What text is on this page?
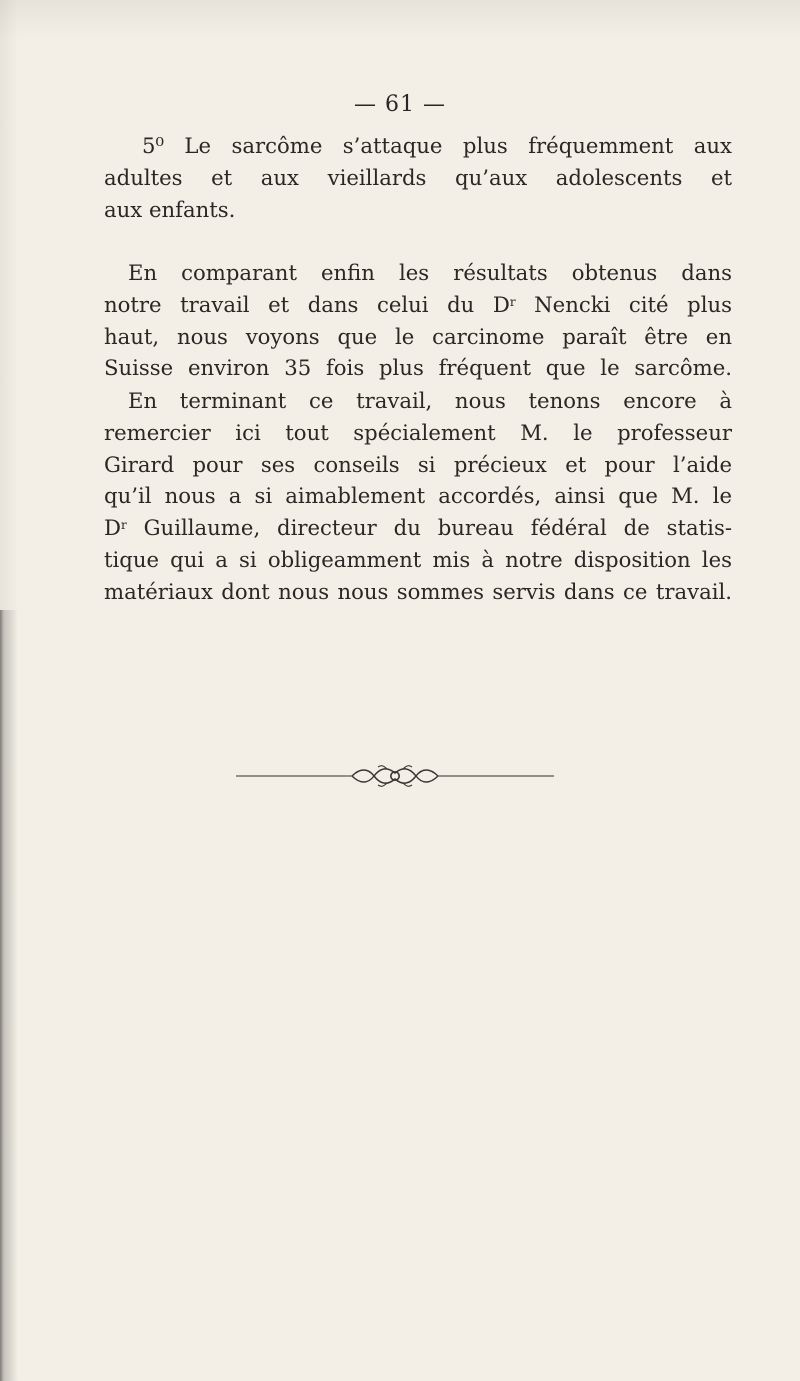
— 61 —
5⁰ Le sarcôme s’attaque plus fréquemment aux
adultes et aux vieillards qu’aux adolescents et
aux enfants.
En comparant enfin les résultats obtenus dans
notre travail et dans celui du $D^r$ Nencki cité plus
haut, nous voyons que le carcinome paraît être en
Suisse environ 35 fois plus fréquent que le sarcôme.
En terminant ce travail, nous tenons encore à
remercier ici tout spécialement M. le professeur
Girard pour ses conseils si précieux et pour l’aide
qu’il nous a si aimablement accordés, ainsi que M. le
$D^r$ Guillaume, directeur du bureau fédéral de statis-
tique qui a si obligeamment mis à notre disposition les
matériaux dont nous nous sommes servis dans ce travail.
